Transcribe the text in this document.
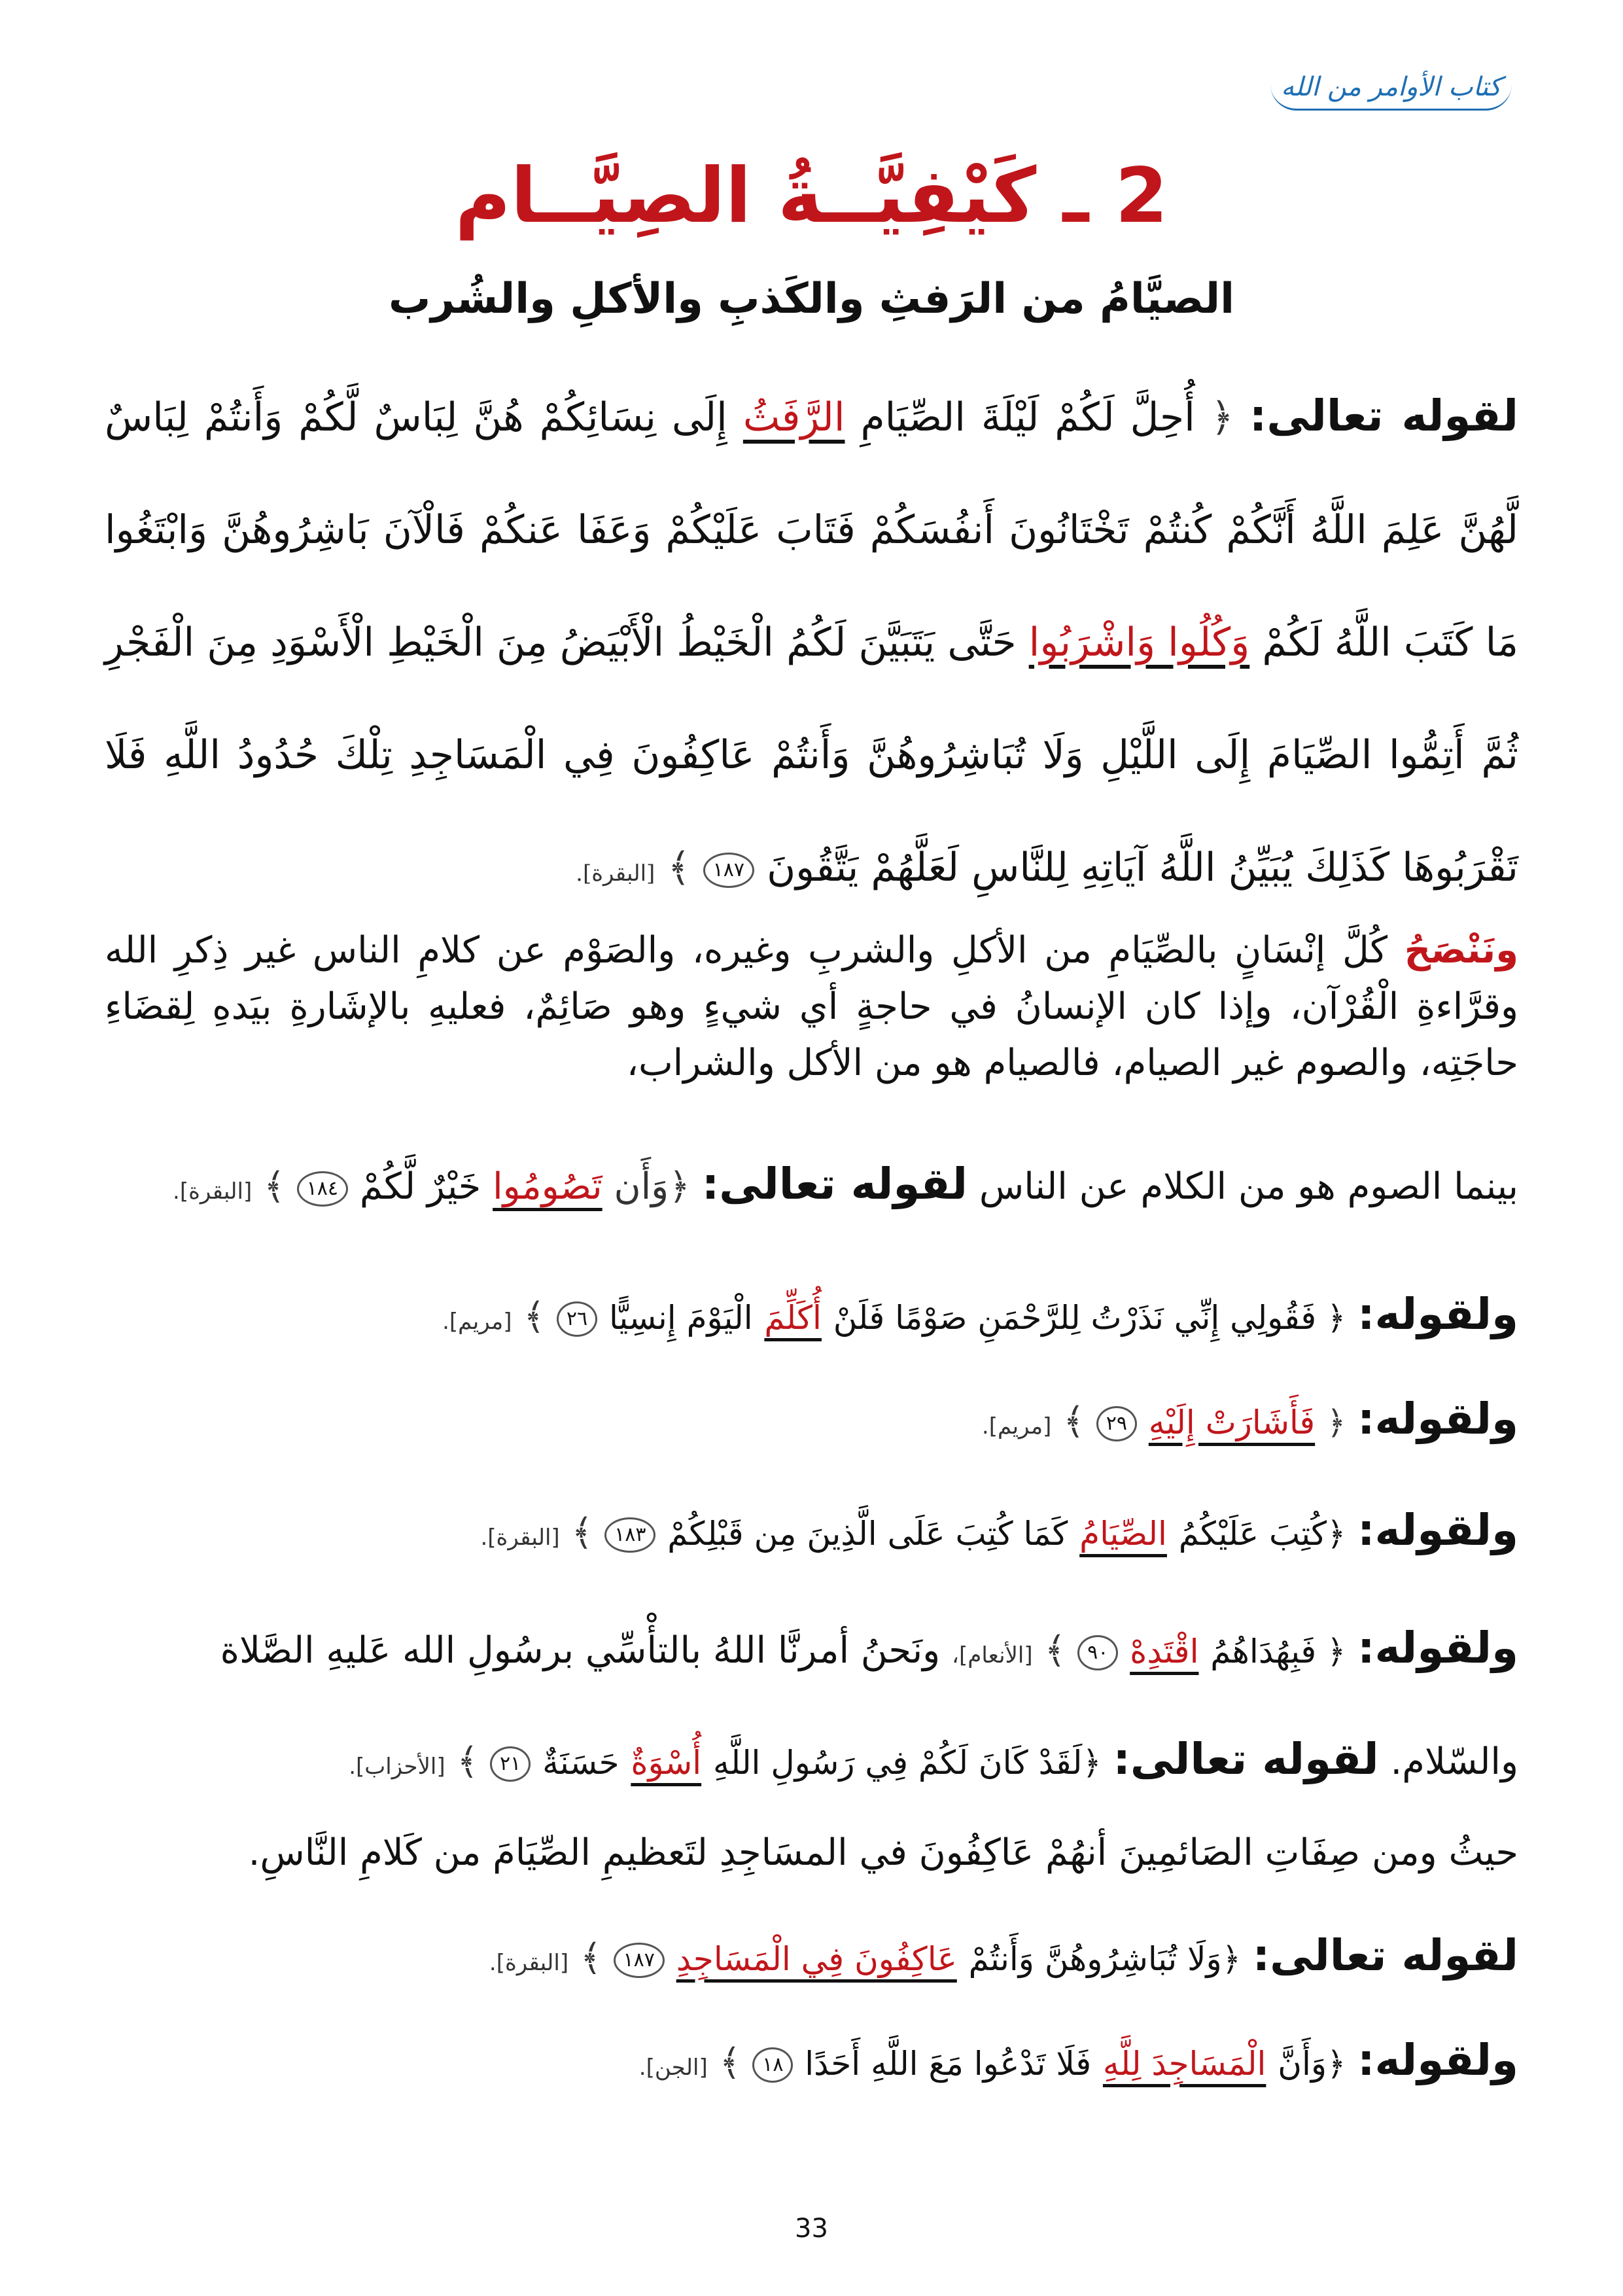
كتاب الأوامر من الله
2 ـ كَيْفِيَّــةُ الصِيَّــام
الصيَّامُ من الرَفثِ والكَذبِ والأكلِ والشُرب
لقوله تعالى: ﴿ أُحِلَّ لَكُمْ لَيْلَةَ الصِّيَامِ الرَّفَثُ إِلَى نِسَائِكُمْ هُنَّ لِبَاسٌ لَّكُمْ وَأَنتُمْ لِبَاسٌ لَّهُنَّ عَلِمَ اللَّهُ أَنَّكُمْ كُنتُمْ تَخْتَانُونَ أَنفُسَكُمْ فَتَابَ عَلَيْكُمْ وَعَفَا عَنكُمْ فَالْآنَ بَاشِرُوهُنَّ وَابْتَغُوا مَا كَتَبَ اللَّهُ لَكُمْ وَكُلُوا وَاشْرَبُوا حَتَّى يَتَبَيَّنَ لَكُمُ الْخَيْطُ الْأَبْيَضُ مِنَ الْخَيْطِ الْأَسْوَدِ مِنَ الْفَجْرِ ثُمَّ أَتِمُّوا الصِّيَامَ إِلَى اللَّيْلِ وَلَا تُبَاشِرُوهُنَّ وَأَنتُمْ عَاكِفُونَ فِي الْمَسَاجِدِ تِلْكَ حُدُودُ اللَّهِ فَلَا تَقْرَبُوهَا كَذَلِكَ يُبَيِّنُ اللَّهُ آيَاتِهِ لِلنَّاسِ لَعَلَّهُمْ يَتَّقُونَ ١٨٧ ﴾ [البقرة].
ونَنْصَحُ كُلَّ إنْسَانٍ بالصِّيَامِ من الأكلِ والشربِ وغيره، والصَوْم عن كلامِ الناس غير ذِكرِ الله وقرَّاءةِ الْقُرْآن، وإذا كان الإنسانُ في حاجةٍ أي شيءٍ وهو صَائِمٌ، فعليهِ بالإشَارةِ بيَدهِ لِقضَاءِ حاجَتِه، والصوم غير الصيام، فالصيام هو من الأكل والشراب،
بينما الصوم هو من الكلام عن الناس لقوله تعالى: ﴿وَأَن تَصُومُوا خَيْرٌ لَّكُمْ ١٨٤ ﴾ [البقرة].
ولقوله: ﴿ فَقُولِي إِنِّي نَذَرْتُ لِلرَّحْمَنِ صَوْمًا فَلَنْ أُكَلِّمَ الْيَوْمَ إِنسِيًّا ٢٦ ﴾ [مريم].
ولقوله: ﴿ فَأَشَارَتْ إِلَيْهِ ٢٩ ﴾ [مريم].
ولقوله: ﴿كُتِبَ عَلَيْكُمُ الصِّيَامُ كَمَا كُتِبَ عَلَى الَّذِينَ مِن قَبْلِكُمْ ١٨٣ ﴾ [البقرة].
ولقوله: ﴿ فَبِهُدَاهُمُ اقْتَدِهْ ٩٠ ﴾ [الأنعام]، ونَحنُ أمرنَّا اللهُ بالتأْسِّي برسُولِ الله عَليهِ الصَّلاة
والسّلام. لقوله تعالى: ﴿لَقَدْ كَانَ لَكُمْ فِي رَسُولِ اللَّهِ أُسْوَةٌ حَسَنَةٌ ٢١ ﴾ [الأحزاب].
حيثُ ومن صِفَاتِ الصَائمِينَ أنهُمْ عَاكِفُونَ في المسَاجِدِ لتَعظيمِ الصِّيَامَ من كَلامِ النَّاسِ.
لقوله تعالى: ﴿وَلَا تُبَاشِرُوهُنَّ وَأَنتُمْ عَاكِفُونَ فِي الْمَسَاجِدِ ١٨٧ ﴾ [البقرة].
ولقوله: ﴿وَأَنَّ الْمَسَاجِدَ لِلَّهِ فَلَا تَدْعُوا مَعَ اللَّهِ أَحَدًا ١٨ ﴾ [الجن].
33
